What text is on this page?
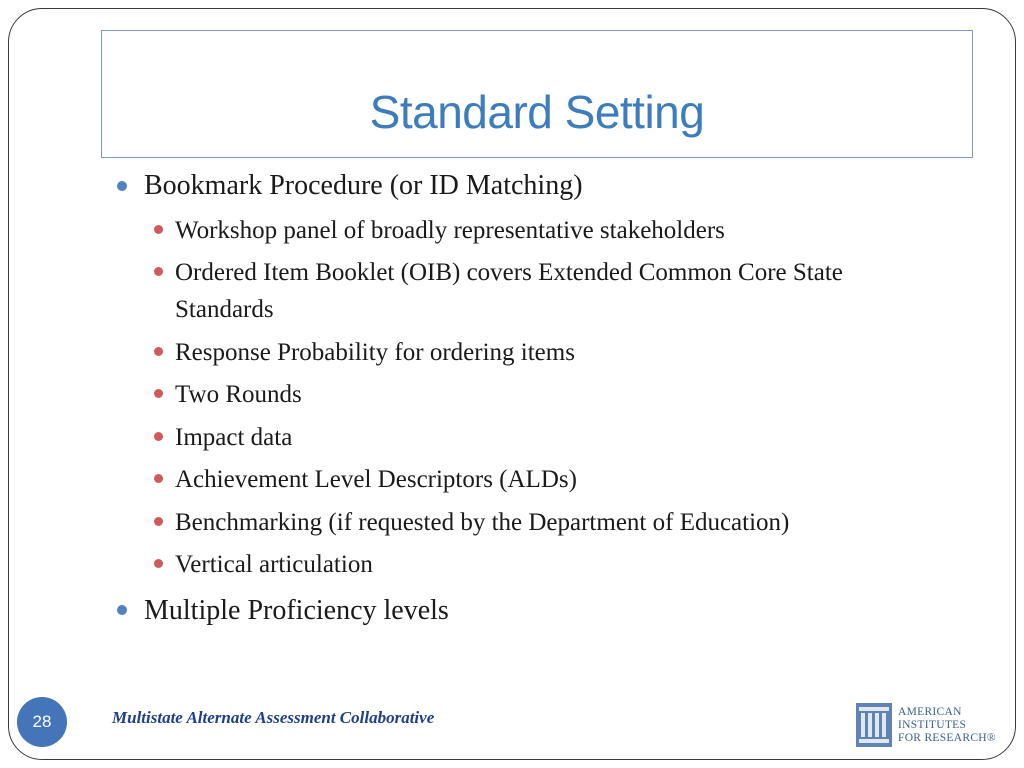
Standard Setting

Bookmark Procedure (or ID Matching)

Workshop panel of broadly representative stakeholders

Ordered Item Booklet (OIB) covers Extended Common Core State Standards

Response Probability for ordering items

Two Rounds

Impact data

Achievement Level Descriptors (ALDs)

Benchmarking (if requested by the Department of Education)

Vertical articulation

Multiple Proficiency levels

28	Multistate Alternate Assessment Collaborative	AMERICAN
INSTITUTES
FOR RESEARCH®
